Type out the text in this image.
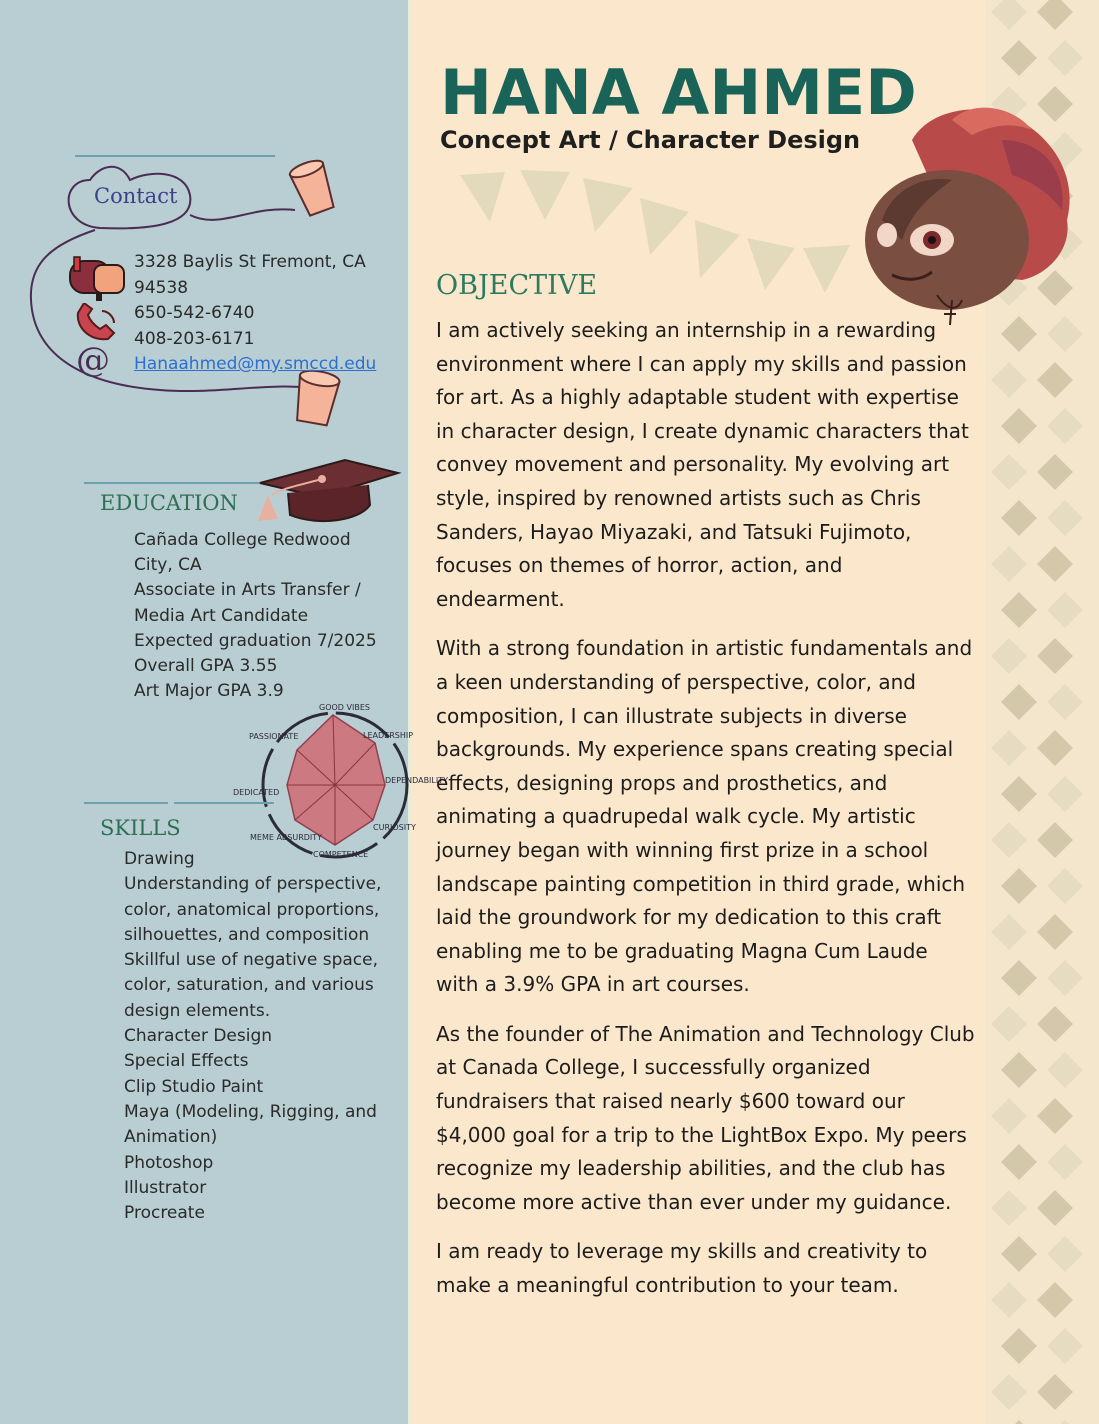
HANA AHMED
Concept Art / Character Design
@
Contact
3328 Baylis St Fremont, CA
94538
650-542-6740
408-203-6171
Hanaahmed@my.smccd.edu
EDUCATION
Cañada College Redwood
City, CA
Associate in Arts Transfer /
Media Art Candidate
Expected graduation 7/2025
Overall GPA 3.55
Art Major GPA 3.9
GOOD VIBES
LEADERSHIP
DEPENDABILITY
CURIOSITY
COMPETENCE
MEME ABSURDITY
DEDICATED
PASSIONATE
SKILLS
Drawing
Understanding of perspective,
color, anatomical proportions,
silhouettes, and composition
Skillful use of negative space,
color, saturation, and various
design elements.
Character Design
Special Effects
Clip Studio Paint
Maya (Modeling, Rigging, and
Animation)
Photoshop
Illustrator
Procreate
OBJECTIVE

I am actively seeking an internship in a rewarding environment where I can apply my skills and passion for art. As a highly adaptable student with expertise in character design, I create dynamic characters that convey movement and personality. My evolving art style, inspired by renowned artists such as Chris Sanders, Hayao Miyazaki, and Tatsuki Fujimoto, focuses on themes of horror, action, and endearment.

With a strong foundation in artistic fundamentals and a keen understanding of perspective, color, and composition, I can illustrate subjects in diverse backgrounds. My experience spans creating special effects, designing props and prosthetics, and animating a quadrupedal walk cycle. My artistic journey began with winning first prize in a school landscape painting competition in third grade, which laid the groundwork for my dedication to this craft enabling me to be graduating Magna Cum Laude with a 3.9% GPA in art courses.

As the founder of The Animation and Technology Club at Canada College, I successfully organized fundraisers that raised nearly $600 toward our $4,000 goal for a trip to the LightBox Expo. My peers recognize my leadership abilities, and the club has become more active than ever under my guidance.

I am ready to leverage my skills and creativity to make a meaningful contribution to your team.
